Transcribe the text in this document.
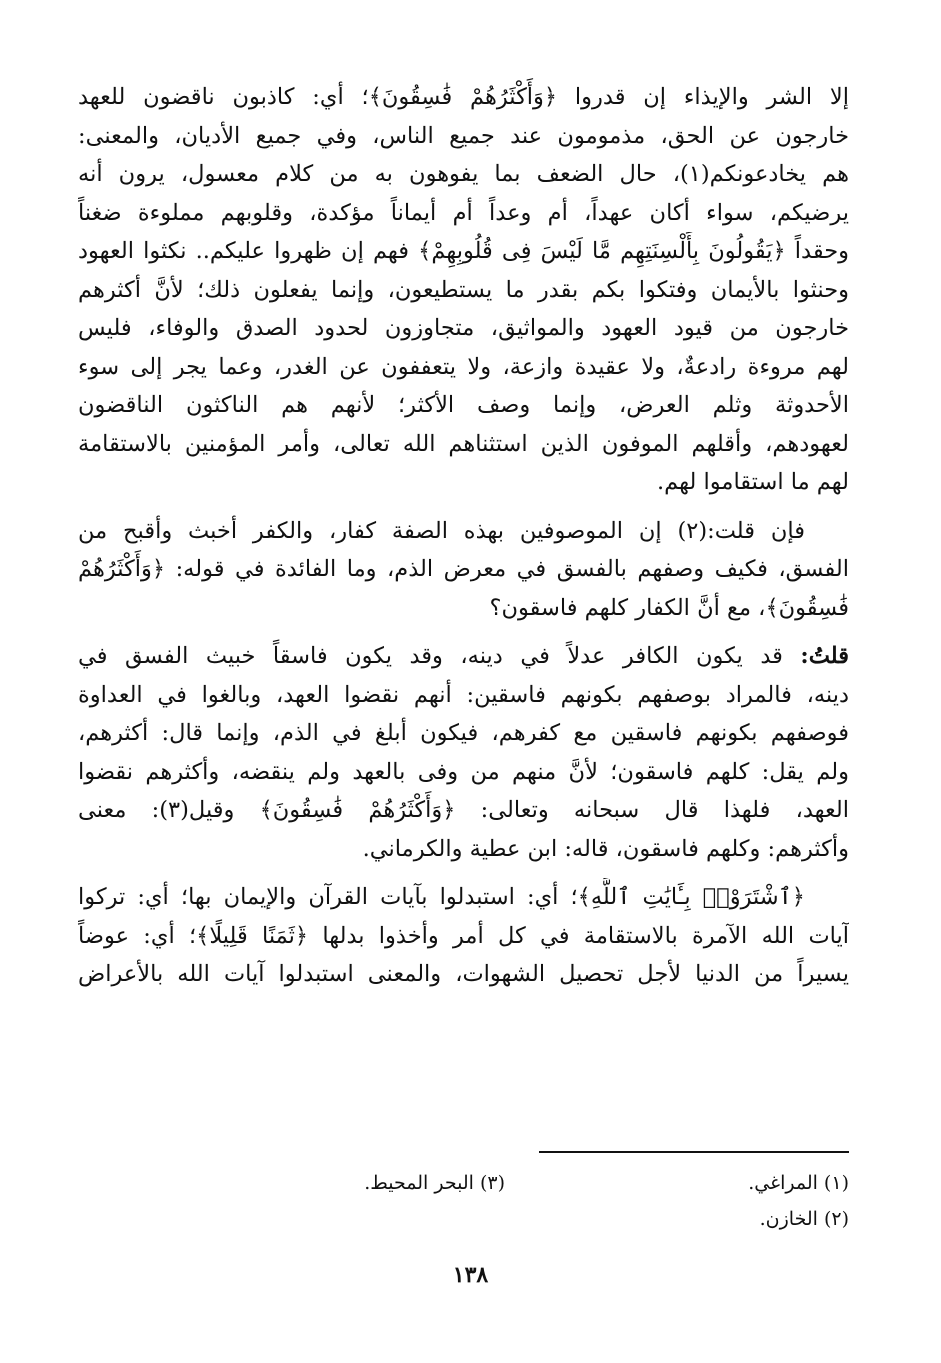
إلا الشر والإيذاء إن قدروا ﴿وَأَكْثَرُهُمْ فَٰسِقُونَ﴾؛ أي: كاذبون ناقضون للعهد
خارجون عن الحق، مذمومون عند جميع الناس، وفي جميع الأديان، والمعنى:
هم يخادعونكم(١)، حال الضعف بما يفوهون به من كلام معسول، يرون أنه
يرضيكم، سواء أكان عهداً، أم وعداً أم أيماناً مؤكدة، وقلوبهم مملوءة ضغناً
وحقداً ﴿يَقُولُونَ بِأَلْسِنَتِهِم مَّا لَيْسَ فِى قُلُوبِهِمْ﴾ فهم إن ظهروا عليكم.. نكثوا العهود
وحنثوا بالأيمان وفتكوا بكم بقدر ما يستطيعون، وإنما يفعلون ذلك؛ لأنَّ أكثرهم
خارجون من قيود العهود والمواثيق، متجاوزون لحدود الصدق والوفاء، فليس
لهم مروءة رادعةٌ، ولا عقيدة وازعة، ولا يتعففون عن الغدر، وعما يجر إلى سوء
الأحدوثة وثلم العرض، وإنما وصف الأكثر؛ لأنهم هم الناكثون الناقضون
لعهودهم، وأقلهم الموفون الذين استثناهم الله تعالى، وأمر المؤمنين بالاستقامة
لهم ما استقاموا لهم.
فإن قلت:(٢) إن الموصوفين بهذه الصفة كفار، والكفر أخبث وأقبح من
الفسق، فكيف وصفهم بالفسق في معرض الذم، وما الفائدة في قوله: ﴿وَأَكْثَرُهُمْ
فَٰسِقُونَ﴾، مع أنَّ الكفار كلهم فاسقون؟
قلتُ: قد يكون الكافر عدلاً في دينه، وقد يكون فاسقاً خبيث الفسق في
دينه، فالمراد بوصفهم بكونهم فاسقين: أنهم نقضوا العهد، وبالغوا في العداوة
فوصفهم بكونهم فاسقين مع كفرهم، فيكون أبلغ في الذم، وإنما قال: أكثرهم،
ولم يقل: كلهم فاسقون؛ لأنَّ منهم من وفى بالعهد ولم ينقضه، وأكثرهم نقضوا
العهد، فلهذا قال سبحانه وتعالى: ﴿وَأَكْثَرُهُمْ فَٰسِقُونَ﴾ وقيل(٣): معنى
وأكثرهم: وكلهم فاسقون، قاله: ابن عطية والكرماني.
﴿ٱشْتَرَوْا۟ بِـَٔايَٰتِ ٱللَّهِ﴾؛ أي: استبدلوا بآيات القرآن والإيمان بها؛ أي: تركوا
آيات الله الآمرة بالاستقامة في كل أمر وأخذوا بدلها ﴿ثَمَنًا قَلِيلًا﴾؛ أي: عوضاً
يسيراً من الدنيا لأجل تحصيل الشهوات، والمعنى استبدلوا آيات الله بالأعراض
(١) المراغي.
(٣) البحر المحيط.
(٢) الخازن.
١٣٨
